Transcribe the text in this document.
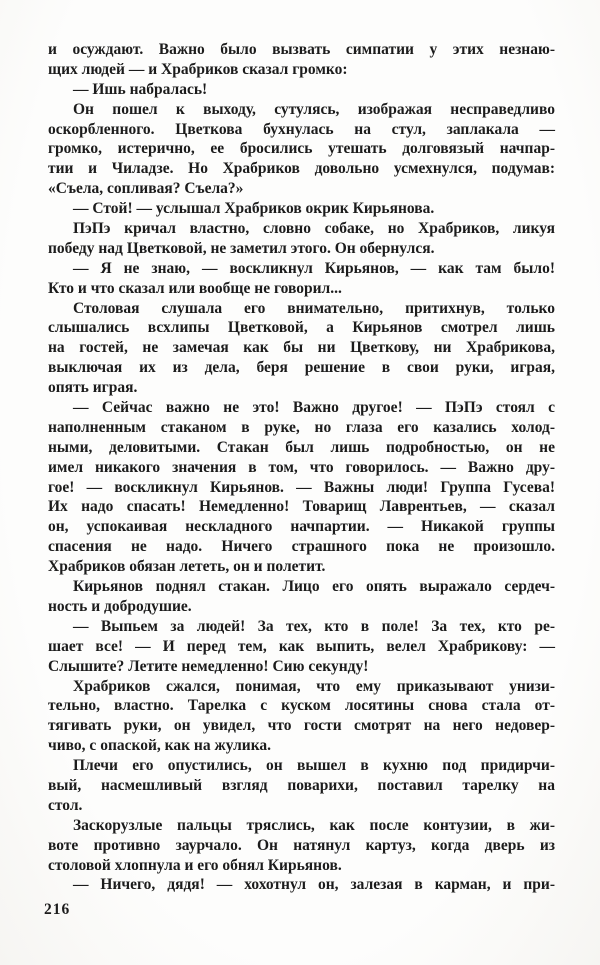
и осуждают. Важно было вызвать симпатии у этих незнаю-
щих людей — и Храбриков сказал громко:
— Ишь набралась!
Он пошел к выходу, сутулясь, изображая несправедливо
оскорбленного. Цветкова бухнулась на стул, заплакала —
громко, истерично, ее бросились утешать долговязый начпар-
тии и Чиладзе. Но Храбриков довольно усмехнулся, подумав:
«Съела, сопливая? Съела?»
— Стой! — услышал Храбриков окрик Кирьянова.
ПэПэ кричал властно, словно собаке, но Храбриков, ликуя
победу над Цветковой, не заметил этого. Он обернулся.
— Я не знаю, — воскликнул Кирьянов, — как там было!
Кто и что сказал или вообще не говорил...
Столовая слушала его внимательно, притихнув, только
слышались всхлипы Цветковой, а Кирьянов смотрел лишь
на гостей, не замечая как бы ни Цветкову, ни Храбрикова,
выключая их из дела, беря решение в свои руки, играя,
опять играя.
— Сейчас важно не это! Важно другое! — ПэПэ стоял с
наполненным стаканом в руке, но глаза его казались холод-
ными, деловитыми. Стакан был лишь подробностью, он не
имел никакого значения в том, что говорилось. — Важно дру-
гое! — воскликнул Кирьянов. — Важны люди! Группа Гусева!
Их надо спасать! Немедленно! Товарищ Лаврентьев, — сказал
он, успокаивая нескладного начпартии. — Никакой группы
спасения не надо. Ничего страшного пока не произошло.
Храбриков обязан лететь, он и полетит.
Кирьянов поднял стакан. Лицо его опять выражало сердеч-
ность и добродушие.
— Выпьем за людей! За тех, кто в поле! За тех, кто ре-
шает все! — И перед тем, как выпить, велел Храбрикову: —
Слышите? Летите немедленно! Сию секунду!
Храбриков сжался, понимая, что ему приказывают унизи-
тельно, властно. Тарелка с куском лосятины снова стала от-
тягивать руки, он увидел, что гости смотрят на него недовер-
чиво, с опаской, как на жулика.
Плечи его опустились, он вышел в кухню под придирчи-
вый, насмешливый взгляд поварихи, поставил тарелку на
стол.
Заскорузлые пальцы тряслись, как после контузии, в жи-
воте противно заурчало. Он натянул картуз, когда дверь из
столовой хлопнула и его обнял Кирьянов.
— Ничего, дядя! — хохотнул он, залезая в карман, и при-
216
